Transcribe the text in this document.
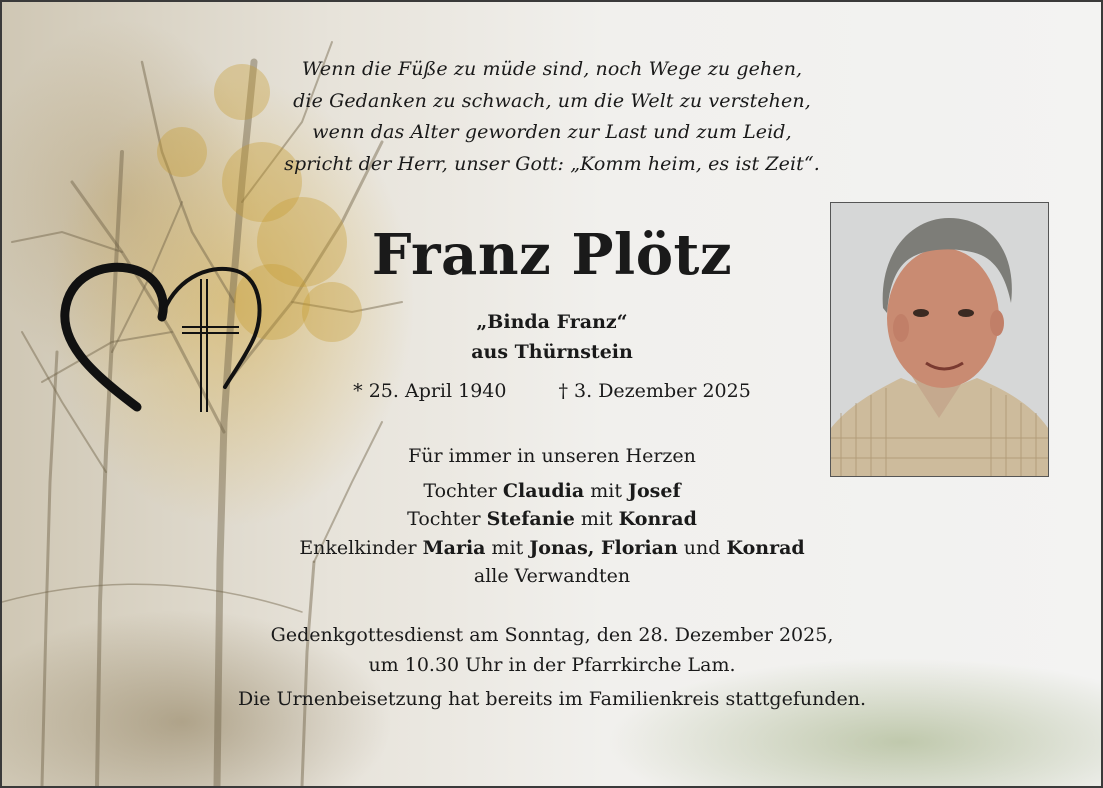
Wenn die Füße zu müde sind, noch Wege zu gehen,
die Gedanken zu schwach, um die Welt zu verstehen,
wenn das Alter geworden zur Last und zum Leid,
spricht der Herr, unser Gott: „Komm heim, es ist Zeit“.
Franz Plötz
„Binda Franz“
aus Thürnstein
* 25. April 1940	† 3. Dezember 2025
Für immer in unseren Herzen
Tochter Claudia mit Josef
Tochter Stefanie mit Konrad
Enkelkinder Maria mit Jonas, Florian und Konrad
alle Verwandten
Gedenkgottesdienst am Sonntag, den 28. Dezember 2025,
um 10.30 Uhr in der Pfarrkirche Lam.
Die Urnenbeisetzung hat bereits im Familienkreis stattgefunden.
